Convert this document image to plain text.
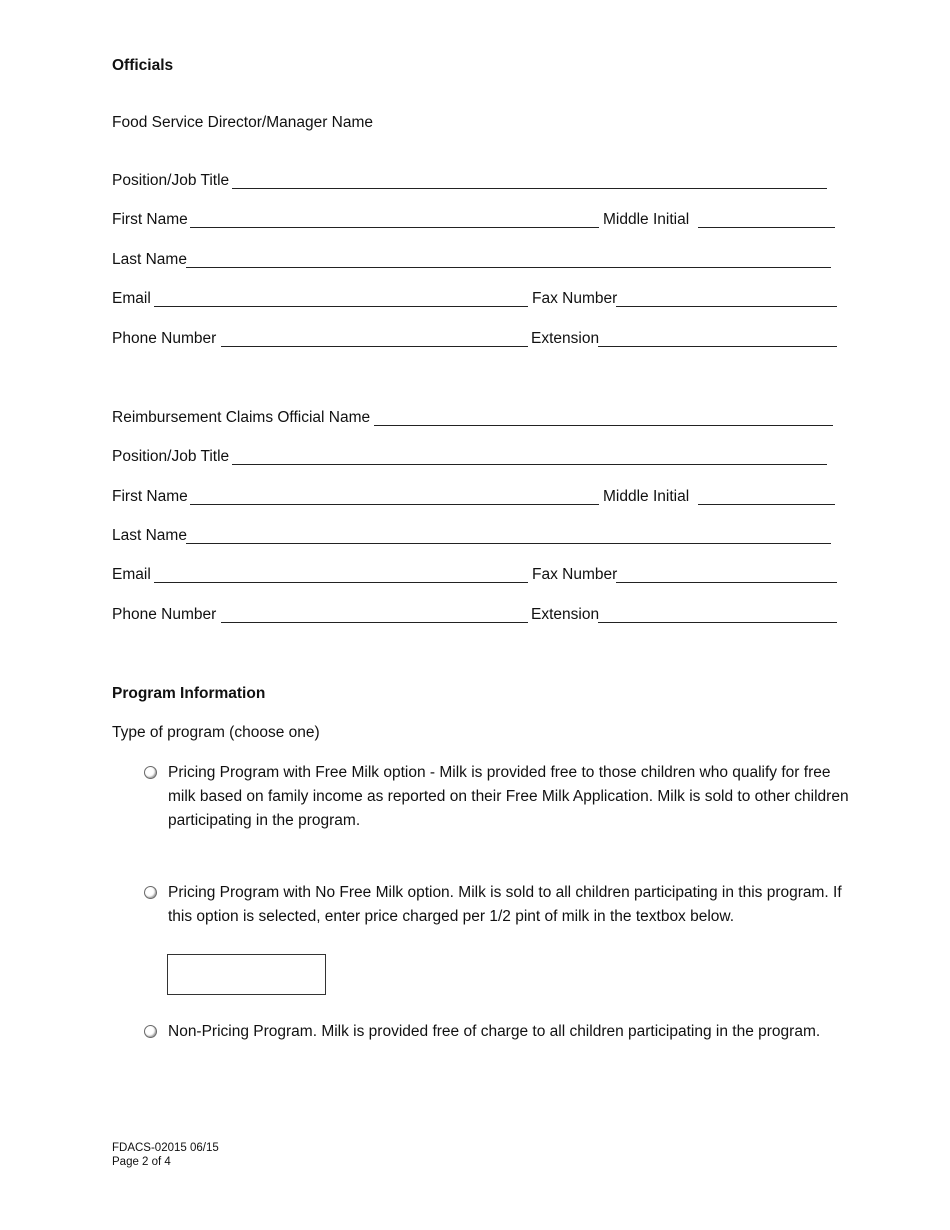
Officials
Food Service Director/Manager Name
Position/Job Title
First Name	Middle Initial
Last Name
Email	Fax Number
Phone Number	Extension
Reimbursement Claims Official Name
Position/Job Title
First Name	Middle Initial
Last Name
Email	Fax Number
Phone Number	Extension
Program Information
Type of program (choose one)
Pricing Program with Free Milk option - Milk is provided free to those children who qualify for free milk based on family income as reported on their Free Milk Application. Milk is sold to other children participating in the program.
Pricing Program with No Free Milk option. Milk is sold to all children participating in this program. If this option is selected, enter price charged per 1/2 pint of milk in the textbox below.
Non-Pricing Program. Milk is provided free of charge to all children participating in the program.
FDACS-02015 06/15
Page 2 of 4
